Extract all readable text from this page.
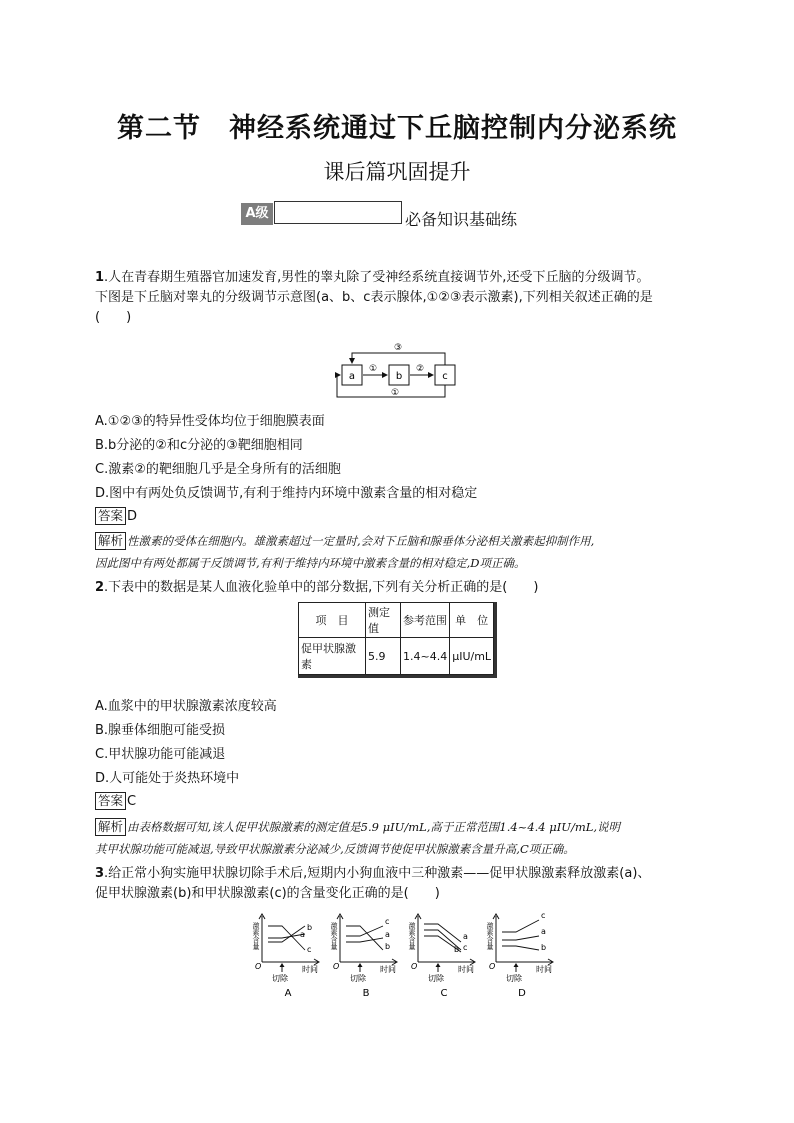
第二节　神经系统通过下丘脑控制内分泌系统
课后篇巩固提升
A级	必备知识基础练
1.人在青春期生殖器官加速发育,男性的睾丸除了受神经系统直接调节外,还受下丘脑的分级调节。
下图是下丘脑对睾丸的分级调节示意图(a、b、c表示腺体,①②③表示激素),下列相关叙述正确的是
(　　)
a	b	c
①	②
③
①
A.①②③的特异性受体均位于细胞膜表面
B.b分泌的②和c分泌的③靶细胞相同
C.激素②的靶细胞几乎是全身所有的活细胞
D.图中有两处负反馈调节,有利于维持内环境中激素含量的相对稳定
答案 D
解析 性激素的受体在细胞内。雄激素超过一定量时,会对下丘脑和腺垂体分泌相关激素起抑制作用,
因此图中有两处都属于反馈调节,有利于维持内环境中激素含量的相对稳定,D项正确。
2.下表中的数据是某人血液化验单中的部分数据,下列有关分析正确的是(　　)
项　目	测定值	参考范围	单　位
促甲状腺激素	5.9	1.4~4.4	μIU/mL
A.血浆中的甲状腺激素浓度较高
B.腺垂体细胞可能受损
C.甲状腺功能可能减退
D.人可能处于炎热环境中
答案 C
解析 由表格数据可知,该人促甲状腺激素的测定值是5.9 μIU/mL,高于正常范围1.4~4.4 μIU/mL,说明
其甲状腺功能可能减退,导致甲状腺激素分泌减少,反馈调节使促甲状腺激素含量升高,C项正确。
3.给正常小狗实施甲状腺切除手术后,短期内小狗血液中三种激素——促甲状腺激素释放激素(a)、
促甲状腺激素(b)和甲状腺激素(c)的含量变化正确的是(　　)
激素含量
O	时间
切除
b
a
c
A
激素含量
O	时间
切除
c
a
b
B
激素含量
O	时间
切除
a
b c
C
激素含量
O	时间
切除
c
a
b
D
